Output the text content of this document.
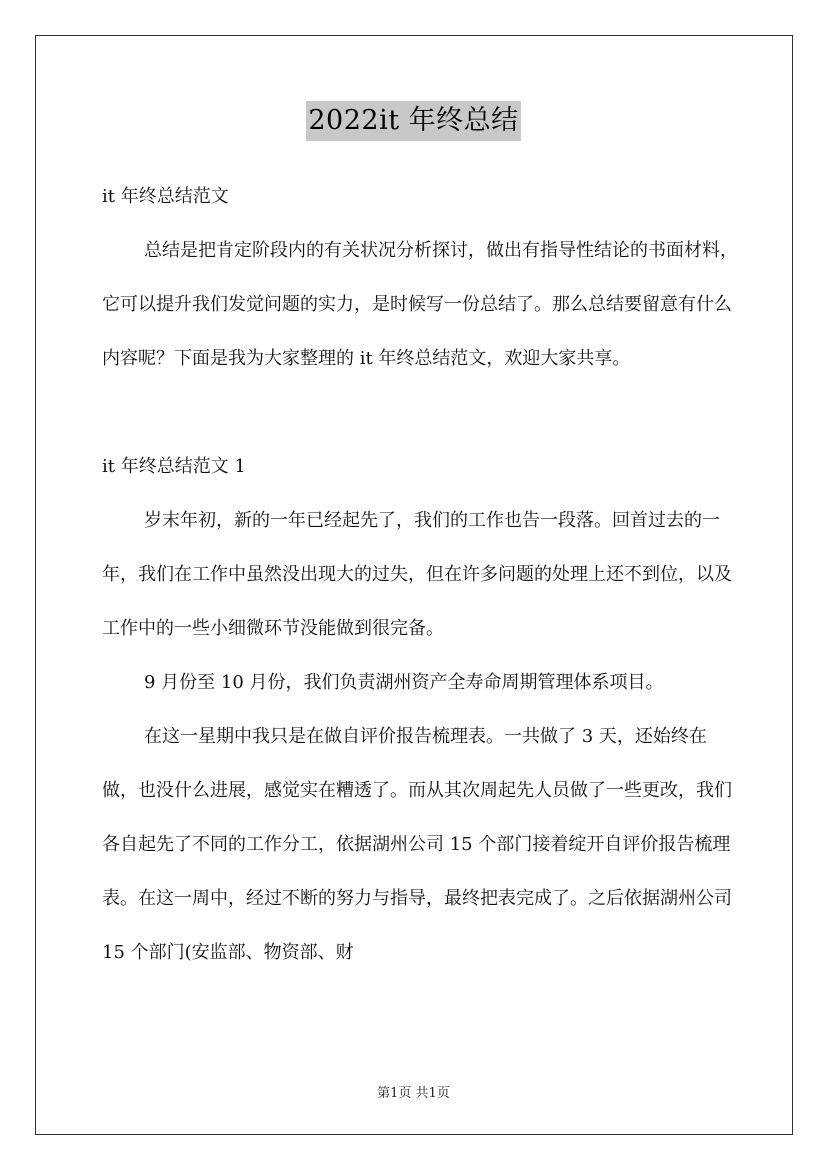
2022it 年终总结

it 年终总结范文

总结是把肯定阶段内的有关状况分析探讨，做出有指导性结论的书面材料，它可以提升我们发觉问题的实力，是时候写一份总结了。那么总结要留意有什么内容呢？下面是我为大家整理的 it 年终总结范文，欢迎大家共享。

it 年终总结范文 1

岁末年初，新的一年已经起先了，我们的工作也告一段落。回首过去的一年，我们在工作中虽然没出现大的过失，但在许多问题的处理上还不到位，以及工作中的一些小细微环节没能做到很完备。

9 月份至 10 月份，我们负责湖州资产全寿命周期管理体系项目。

在这一星期中我只是在做自评价报告梳理表。一共做了 3 天，还始终在做，也没什么进展，感觉实在糟透了。而从其次周起先人员做了一些更改，我们各自起先了不同的工作分工，依据湖州公司 15 个部门接着绽开自评价报告梳理表。在这一周中，经过不断的努力与指导，最终把表完成了。之后依据湖州公司 15 个部门(安监部、物资部、财

第1页 共1页
